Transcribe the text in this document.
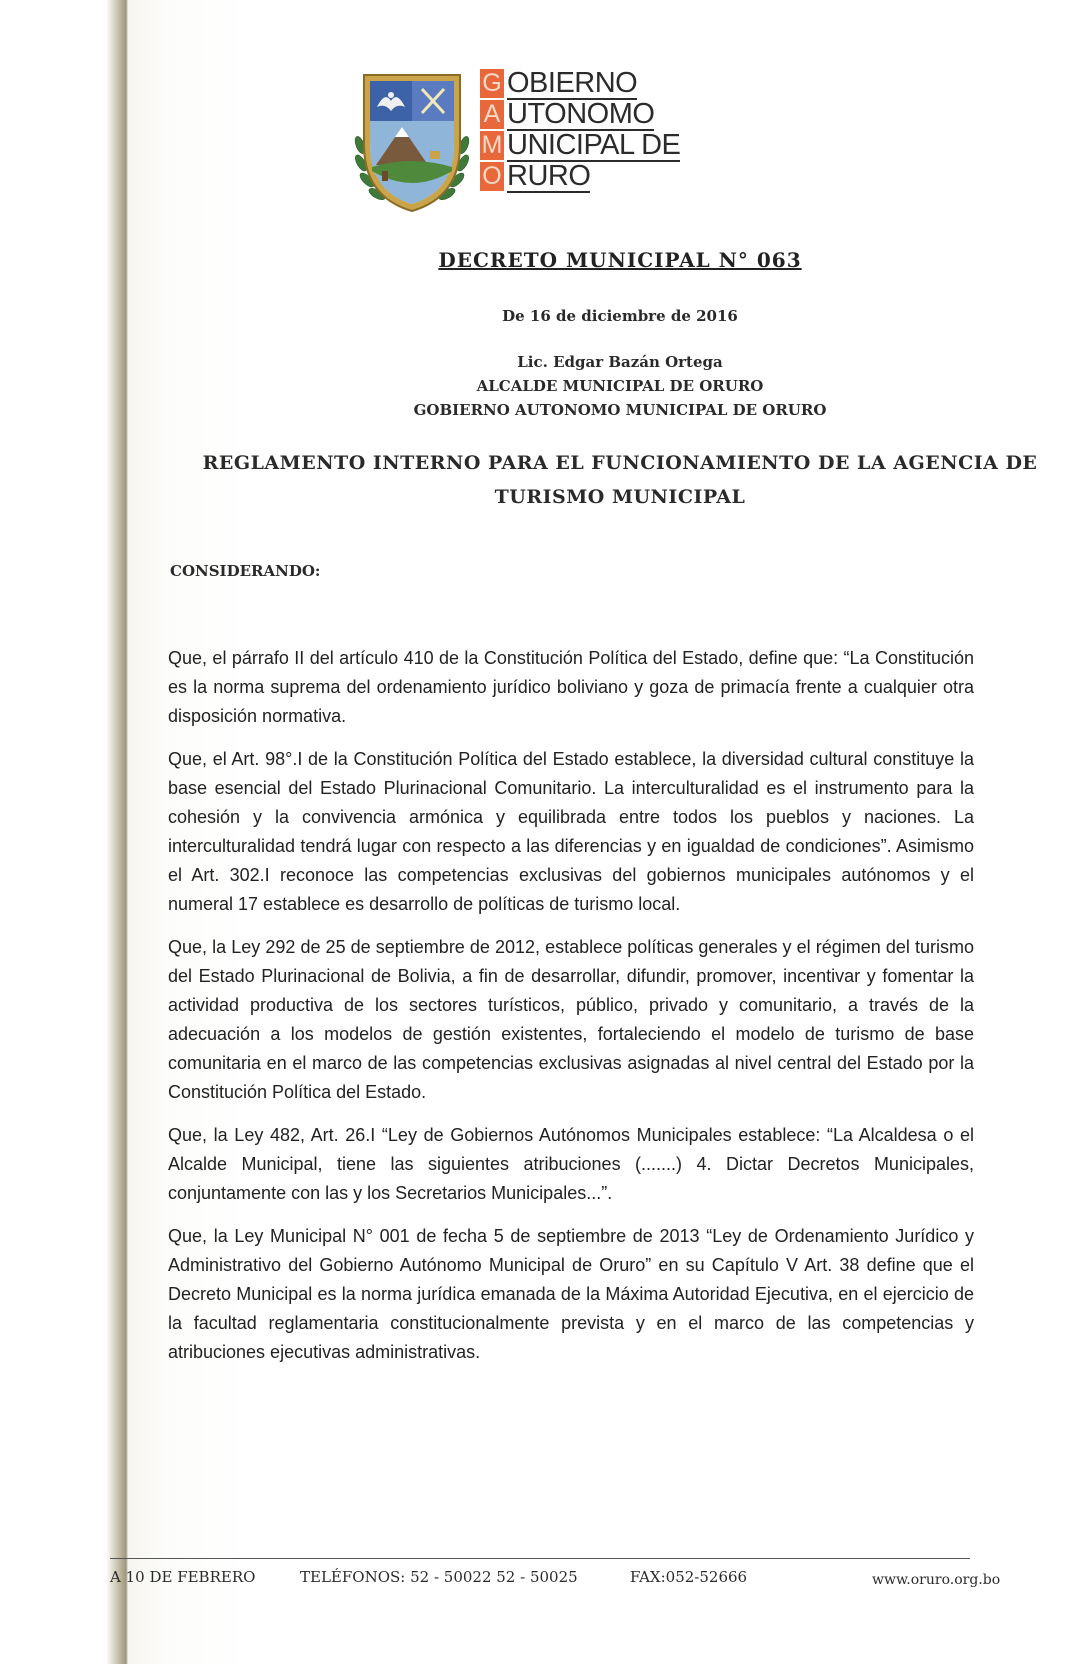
G OBIERNO
A UTONOMO
M UNICIPAL DE
O RURO
DECRETO MUNICIPAL N° 063

De 16 de diciembre de 2016

Lic. Edgar Bazán Ortega

ALCALDE MUNICIPAL DE ORURO

GOBIERNO AUTONOMO MUNICIPAL DE ORURO

REGLAMENTO INTERNO PARA EL FUNCIONAMIENTO DE LA AGENCIA DE TURISMO MUNICIPAL

CONSIDERANDO:

Que, el párrafo II del artículo 410 de la Constitución Política del Estado, define que: “La Constitución es la norma suprema del ordenamiento jurídico boliviano y goza de primacía frente a cualquier otra disposición normativa.

Que, el Art. 98°.I de la Constitución Política del Estado establece, la diversidad cultural constituye la base esencial del Estado Plurinacional Comunitario. La interculturalidad es el instrumento para la cohesión y la convivencia armónica y equilibrada entre todos los pueblos y naciones. La interculturalidad tendrá lugar con respecto a las diferencias y en igualdad de condiciones”. Asimismo el Art. 302.I reconoce las competencias exclusivas del gobiernos municipales autónomos y el numeral 17 establece es desarrollo de políticas de turismo local.

Que, la Ley 292 de 25 de septiembre de 2012, establece políticas generales y el régimen del turismo del Estado Plurinacional de Bolivia, a fin de desarrollar, difundir, promover, incentivar y fomentar la actividad productiva de los sectores turísticos, público, privado y comunitario, a través de la adecuación a los modelos de gestión existentes, fortaleciendo el modelo de turismo de base comunitaria en el marco de las competencias exclusivas asignadas al nivel central del Estado por la Constitución Política del Estado.

Que, la Ley 482, Art. 26.I “Ley de Gobiernos Autónomos Municipales establece: “La Alcaldesa o el Alcalde Municipal, tiene las siguientes atribuciones (.......) 4. Dictar Decretos Municipales, conjuntamente con las y los Secretarios Municipales...”.

Que, la Ley Municipal N° 001 de fecha 5 de septiembre de 2013 “Ley de Ordenamiento Jurídico y Administrativo del Gobierno Autónomo Municipal de Oruro” en su Capítulo V Art. 38 define que el Decreto Municipal es la norma jurídica emanada de la Máxima Autoridad Ejecutiva, en el ejercicio de la facultad reglamentaria constitucionalmente prevista y en el marco de las competencias y atribuciones ejecutivas administrativas.

A 10 DE FEBRERO	TELÉFONOS: 52 - 50022 52 - 50025	FAX:052-52666	www.oruro.org.bo
